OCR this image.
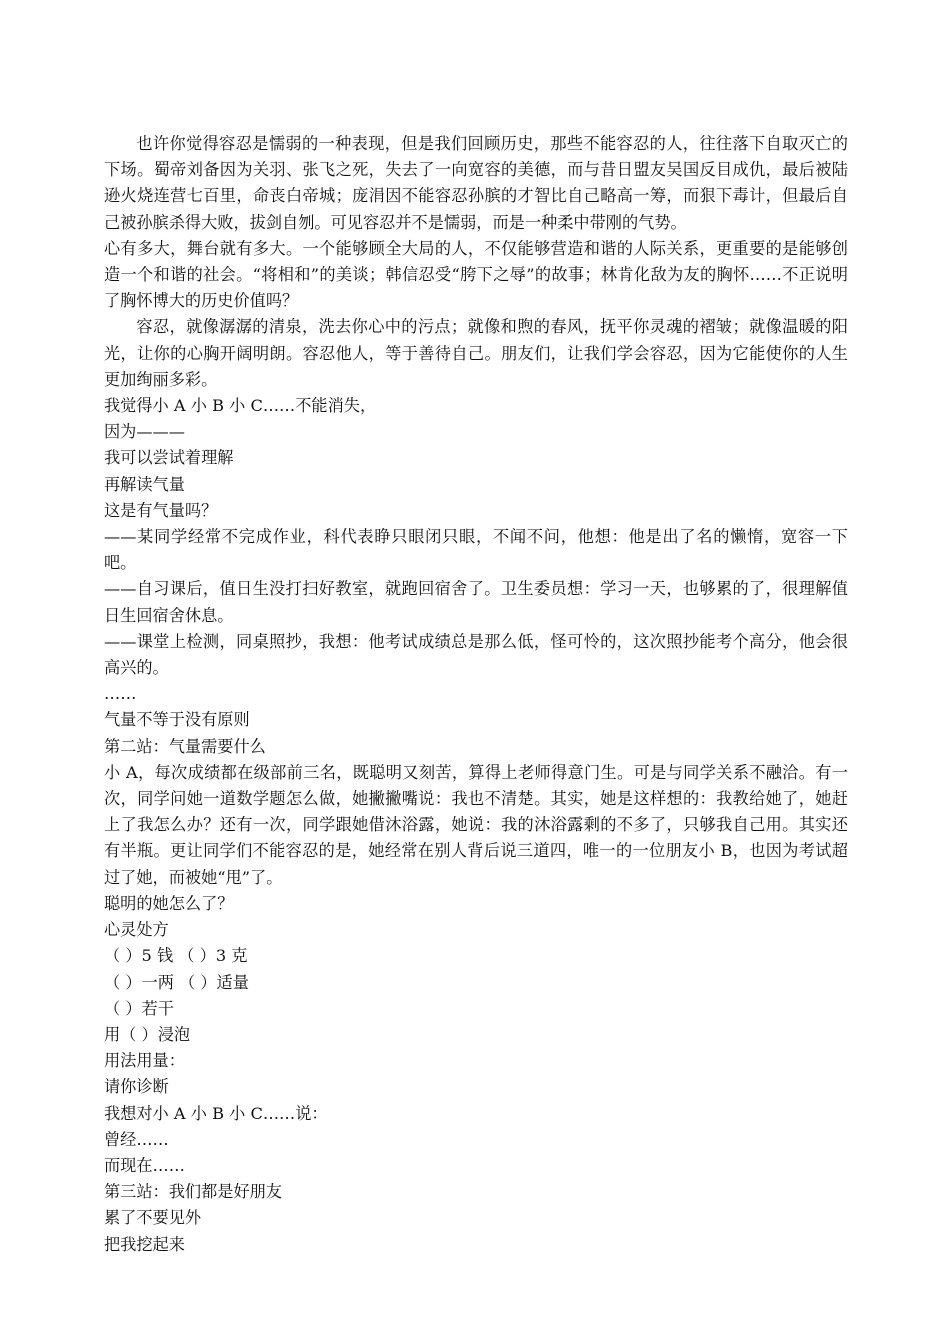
也许你觉得容忍是懦弱的一种表现，但是我们回顾历史，那些不能容忍的人，往往落下自取灭亡的下场。蜀帝刘备因为关羽、张飞之死，失去了一向宽容的美德，而与昔日盟友吴国反目成仇，最后被陆逊火烧连营七百里，命丧白帝城；庞涓因不能容忍孙膑的才智比自己略高一筹，而狠下毒计，但最后自己被孙膑杀得大败，拔剑自刎。可见容忍并不是懦弱，而是一种柔中带刚的气势。

心有多大，舞台就有多大。一个能够顾全大局的人，不仅能够营造和谐的人际关系，更重要的是能够创造一个和谐的社会。“将相和”的美谈；韩信忍受“胯下之辱”的故事；林肯化敌为友的胸怀……不正说明了胸怀博大的历史价值吗？

容忍，就像潺潺的清泉，洗去你心中的污点；就像和煦的春风，抚平你灵魂的褶皱；就像温暖的阳光，让你的心胸开阔明朗。容忍他人，等于善待自己。朋友们，让我们学会容忍，因为它能使你的人生更加绚丽多彩。

我觉得小 A 小 B 小 C……不能消失，

因为———

我可以尝试着理解

再解读气量

这是有气量吗？

——某同学经常不完成作业，科代表睁只眼闭只眼，不闻不问，他想：他是出了名的懒惰，宽容一下吧。

——自习课后，值日生没打扫好教室，就跑回宿舍了。卫生委员想：学习一天，也够累的了，很理解值日生回宿舍休息。

——课堂上检测，同桌照抄，我想：他考试成绩总是那么低，怪可怜的，这次照抄能考个高分，他会很高兴的。

……

气量不等于没有原则

第二站：气量需要什么

小 A，每次成绩都在级部前三名，既聪明又刻苦，算得上老师得意门生。可是与同学关系不融洽。有一次，同学问她一道数学题怎么做，她撇撇嘴说：我也不清楚。其实，她是这样想的：我教给她了，她赶上了我怎么办？还有一次，同学跟她借沐浴露，她说：我的沐浴露剩的不多了，只够我自己用。其实还有半瓶。更让同学们不能容忍的是，她经常在别人背后说三道四，唯一的一位朋友小 B，也因为考试超过了她，而被她“甩”了。

聪明的她怎么了？

心灵处方

（ ）5 钱 （ ）3 克

（ ）一两 （ ）适量

（ ）若干

用（ ）浸泡

用法用量：

请你诊断

我想对小 A 小 B 小 C……说：

曾经……

而现在……

第三站：我们都是好朋友

累了不要见外

把我挖起来
